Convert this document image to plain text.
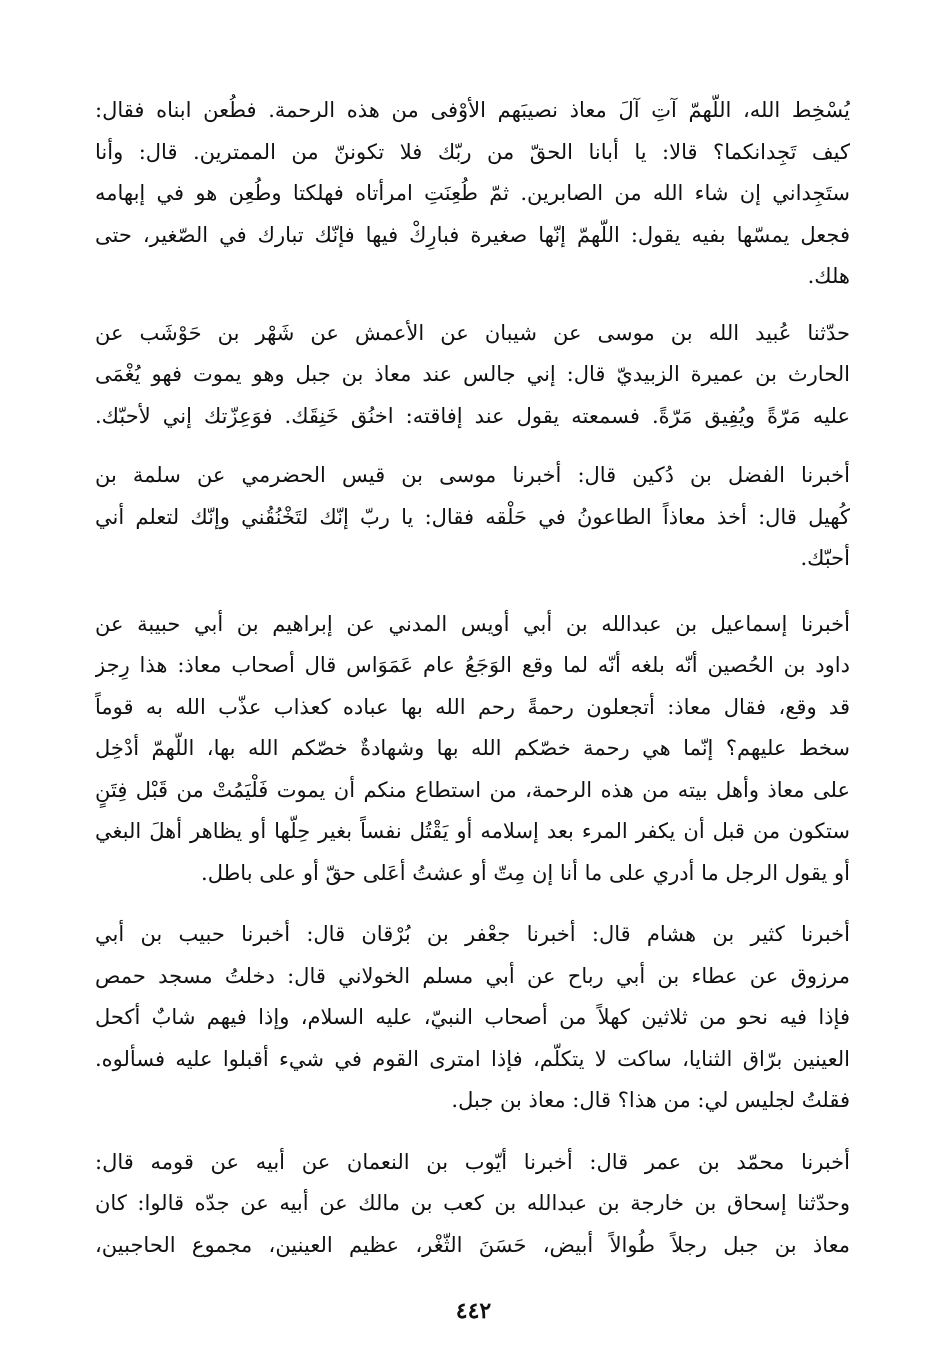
يُسْخِط الله، اللّهمّ آتِ آلَ معاذ نصيبَهم الأوْفى من هذه الرحمة. فطُعن ابناه فقال:
كيف تَجِدانكما؟ قالا: يا أبانا الحقّ من ربّك فلا تكوننّ من الممترين. قال: وأنا
ستَجِداني إن شاء الله من الصابرين. ثمّ طُعِنَتِ امرأتاه فهلكتا وطُعِن هو في إبهامه
فجعل يمسّها بفيه يقول: اللّهمّ إنّها صغيرة فبارِكْ فيها فإنّك تبارك في الصّغير، حتى
هلك.

حدّثنا عُبيد الله بن موسى عن شيبان عن الأعمش عن شَهْر بن حَوْشَب عن
الحارث بن عميرة الزبيديّ قال: إني جالس عند معاذ بن جبل وهو يموت فهو يُغْمَى
عليه مَرّةً ويُفِيق مَرّةً. فسمعته يقول عند إفاقته: اخنُق خَنِقَك. فوَعِزّتك إني لأحبّك.

أخبرنا الفضل بن دُكين قال: أخبرنا موسى بن قيس الحضرمي عن سلمة بن
كُهيل قال: أخذ معاذاً الطاعونُ في حَلْقه فقال: يا ربّ إنّك لتَخْنُقُني وإنّك لتعلم أني
أحبّك.

أخبرنا إسماعيل بن عبدالله بن أبي أويس المدني عن إبراهيم بن أبي حبيبة عن
داود بن الحُصين أنّه بلغه أنّه لما وقع الوَجَعُ عام عَمَوَاس قال أصحاب معاذ: هذا رِجز
قد وقع، فقال معاذ: أتجعلون رحمةً رحم الله بها عباده كعذاب عذّب الله به قوماً
سخط عليهم؟ إنّما هي رحمة خصّكم الله بها وشهادةٌ خصّكم الله بها، اللّهمّ أدْخِل
على معاذ وأهل بيته من هذه الرحمة، من استطاع منكم أن يموت فَلْيَمُتْ من قَبْل فِتَنٍ
ستكون من قبل أن يكفر المرء بعد إسلامه أو يَقْتُل نفساً بغير حِلّها أو يظاهر أهلَ البغي
أو يقول الرجل ما أدري على ما أنا إن مِتّ أو عشتُ أعَلى حقّ أو على باطل.

أخبرنا كثير بن هشام قال: أخبرنا جعْفر بن بُرْقان قال: أخبرنا حبيب بن أبي
مرزوق عن عطاء بن أبي رباح عن أبي مسلم الخولاني قال: دخلتُ مسجد حمص
فإذا فيه نحو من ثلاثين كهلاً من أصحاب النبيّ، عليه السلام، وإذا فيهم شابٌ أكحل
العينين برّاق الثنايا، ساكت لا يتكلّم، فإذا امترى القوم في شيء أقبلوا عليه فسألوه.
فقلتُ لجليس لي: من هذا؟ قال: معاذ بن جبل.

أخبرنا محمّد بن عمر قال: أخبرنا أيّوب بن النعمان عن أبيه عن قومه قال:
وحدّثنا إسحاق بن خارجة بن عبدالله بن كعب بن مالك عن أبيه عن جدّه قالوا: كان
معاذ بن جبل رجلاً طُوالاً أبيض، حَسَنَ الثّغْر، عظيم العينين، مجموع الحاجبين،

٤٤٢
